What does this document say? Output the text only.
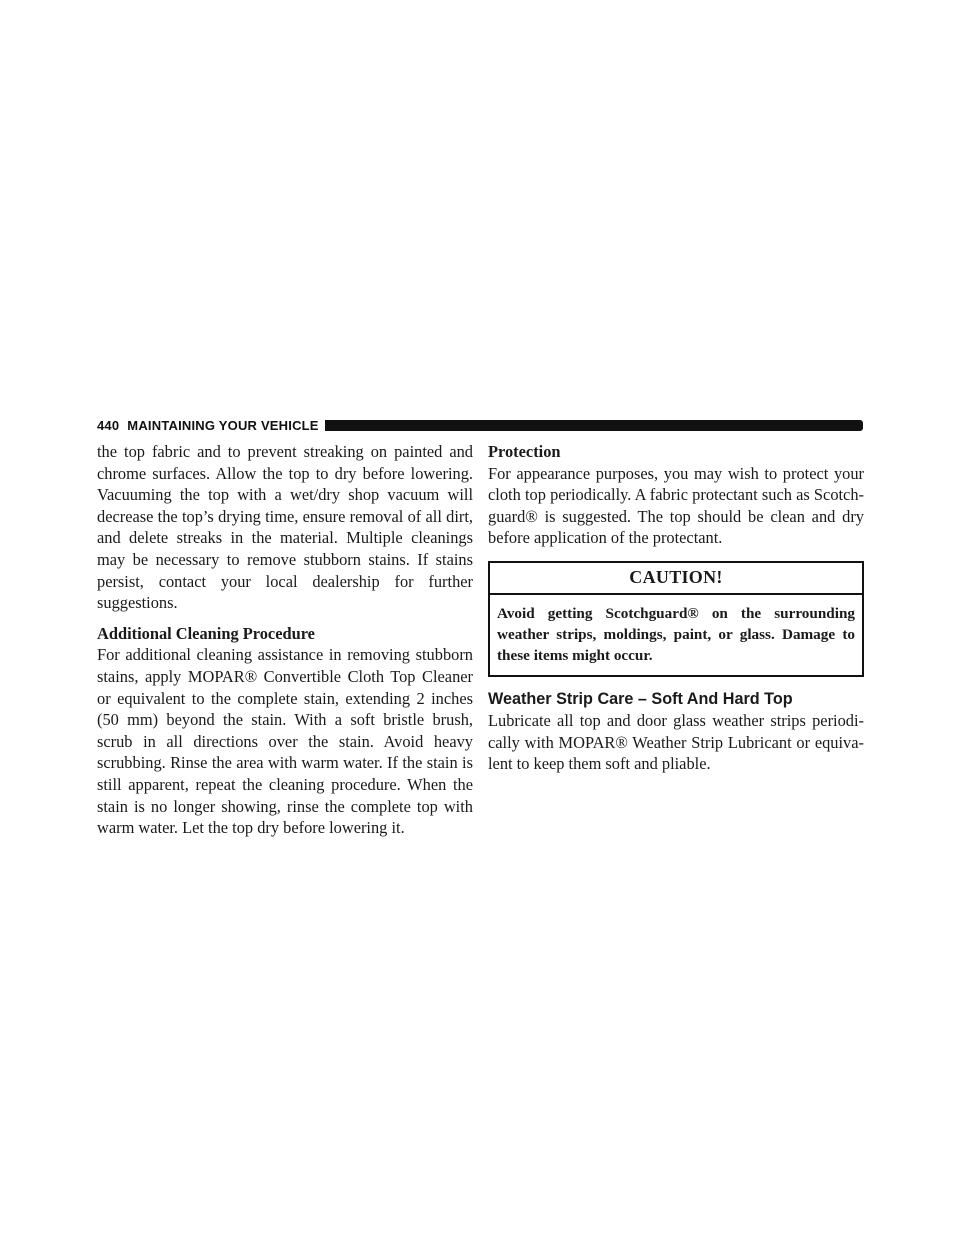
440 MAINTAINING YOUR VEHICLE

the top fabric and to prevent streaking on painted and chrome surfaces. Allow the top to dry before lowering. Vacuuming the top with a wet/dry shop vacuum will decrease the top’s drying time, ensure removal of all dirt, and delete streaks in the material. Multiple cleanings may be necessary to remove stubborn stains. If stains persist, contact your local dealership for further suggestions.

Additional Cleaning Procedure

For additional cleaning assistance in removing stubborn stains, apply MOPAR® Convertible Cloth Top Cleaner or equivalent to the complete stain, extending 2 inches (50 mm) beyond the stain. With a soft bristle brush, scrub in all directions over the stain. Avoid heavy scrubbing. Rinse the area with warm water. If the stain is still apparent, repeat the cleaning procedure. When the stain is no longer showing, rinse the complete top with warm water. Let the top dry before lowering it.

Protection

For appearance purposes, you may wish to protect your cloth top periodically. A fabric protectant such as Scotch-guard® is suggested. The top should be clean and dry before application of the protectant.

CAUTION!
Avoid getting Scotchguard® on the surrounding weather strips, moldings, paint, or glass. Damage to these items might occur.

Weather Strip Care – Soft And Hard Top

Lubricate all top and door glass weather strips periodi-cally with MOPAR® Weather Strip Lubricant or equiva-lent to keep them soft and pliable.
